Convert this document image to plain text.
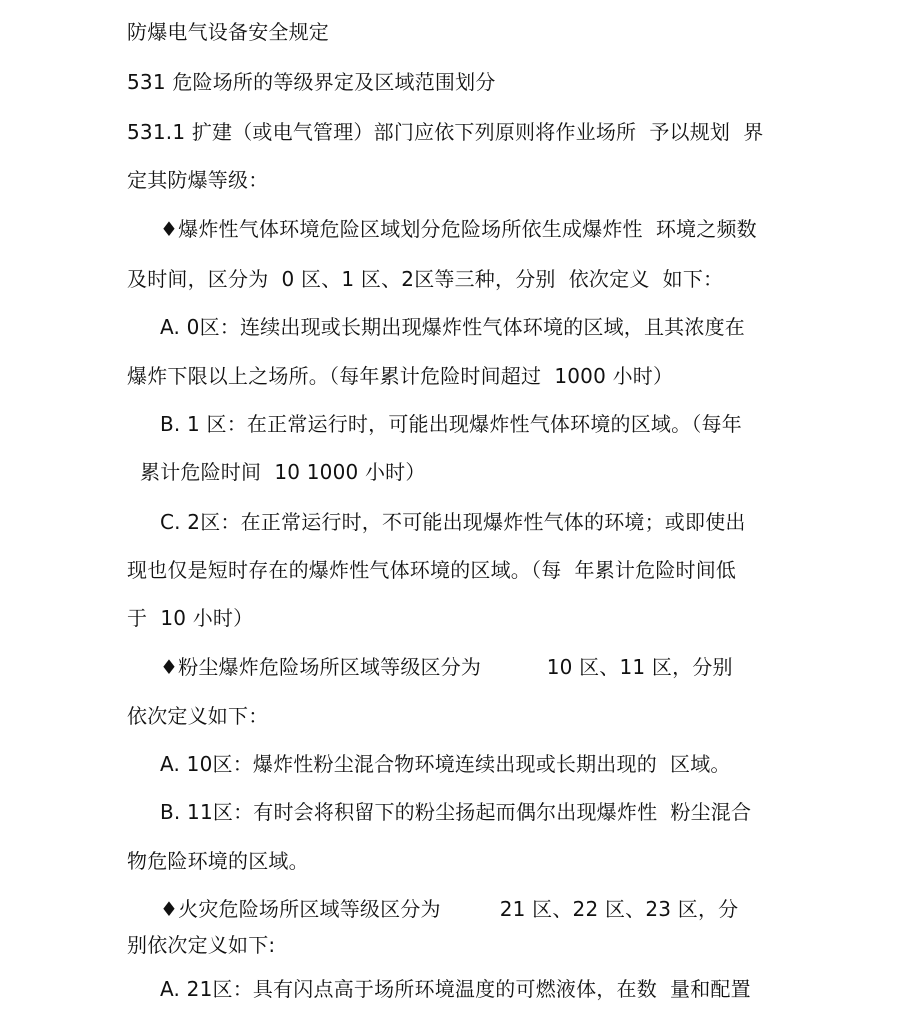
防爆电气设备安全规定
531 危险场所的等级界定及区域范围划分
531.1 扩建（或电气管理）部门应依下列原则将作业场所  予以规划  界
定其防爆等级：
♦爆炸性气体环境危险区域划分危险场所依生成爆炸性  环境之频数
及时间，区分为  0 区、1 区、2区等三种，分别  依次定义  如下：
A. 0区：连续出现或长期出现爆炸性气体环境的区域，且其浓度在
爆炸下限以上之场所。（每年累计危险时间超过  1000 小时）
B. 1 区：在正常运行时，可能出现爆炸性气体环境的区域。（每年
累计危险时间  10 1000 小时）
C. 2区：在正常运行时，不可能出现爆炸性气体的环境；或即使出
现也仅是短时存在的爆炸性气体环境的区域。（每  年累计危险时间低
于  10 小时）
♦粉尘爆炸危险场所区域等级区分为          10 区、11 区，分别
依次定义如下：
A. 10区：爆炸性粉尘混合物环境连续出现或长期出现的  区域。
B. 11区：有时会将积留下的粉尘扬起而偶尔出现爆炸性  粉尘混合
物危险环境的区域。
♦火灾危险场所区域等级区分为         21 区、22 区、23 区，分
别依次定义如下:
A. 21区：具有闪点高于场所环境温度的可燃液体，在数  量和配置
